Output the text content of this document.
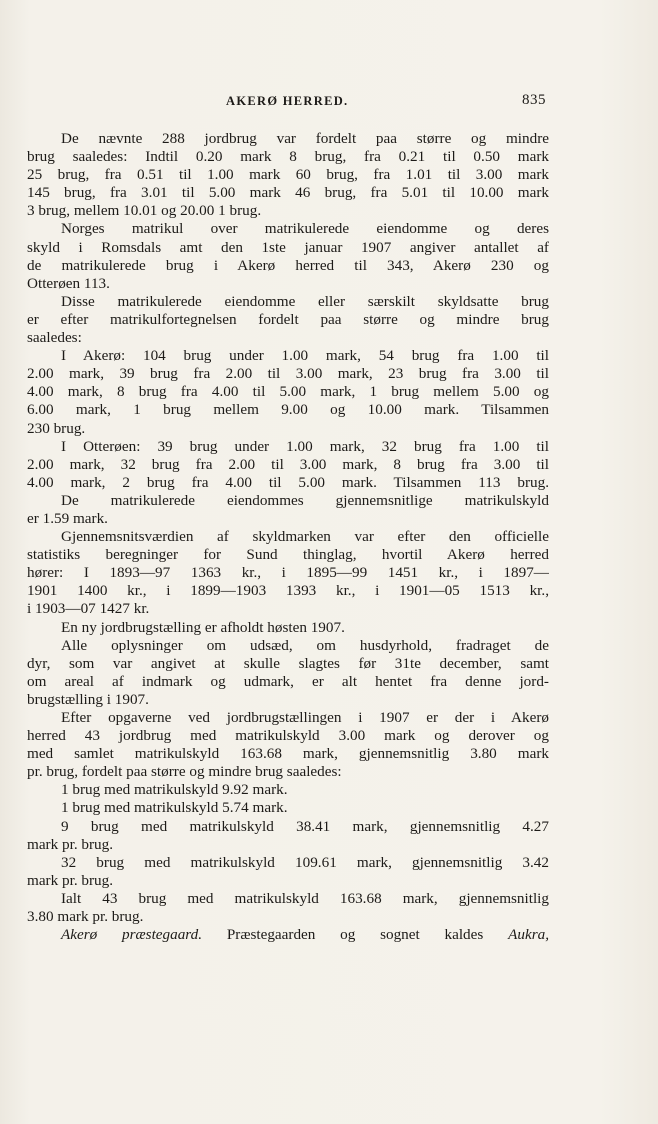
AKERØ HERRED.	835
De nævnte 288 jordbrug var fordelt paa større og mindre
brug saaledes: Indtil 0.20 mark 8 brug, fra 0.21 til 0.50 mark
25 brug, fra 0.51 til 1.00 mark 60 brug, fra 1.01 til 3.00 mark
145 brug, fra 3.01 til 5.00 mark 46 brug, fra 5.01 til 10.00 mark
3 brug, mellem 10.01 og 20.00 1 brug.
Norges matrikul over matrikulerede eiendomme og deres
skyld i Romsdals amt den 1ste januar 1907 angiver antallet af
de matrikulerede brug i Akerø herred til 343, Akerø 230 og
Otterøen 113.
Disse matrikulerede eiendomme eller særskilt skyldsatte brug
er efter matrikulfortegnelsen fordelt paa større og mindre brug
saaledes:
I Akerø: 104 brug under 1.00 mark, 54 brug fra 1.00 til
2.00 mark, 39 brug fra 2.00 til 3.00 mark, 23 brug fra 3.00 til
4.00 mark, 8 brug fra 4.00 til 5.00 mark, 1 brug mellem 5.00 og
6.00 mark, 1 brug mellem 9.00 og 10.00 mark. Tilsammen
230 brug.
I Otterøen: 39 brug under 1.00 mark, 32 brug fra 1.00 til
2.00 mark, 32 brug fra 2.00 til 3.00 mark, 8 brug fra 3.00 til
4.00 mark, 2 brug fra 4.00 til 5.00 mark. Tilsammen 113 brug.
De matrikulerede eiendommes gjennemsnitlige matrikulskyld
er 1.59 mark.
Gjennemsnitsværdien af skyldmarken var efter den officielle
statistiks beregninger for Sund thinglag, hvortil Akerø herred
hører: I 1893—97 1363 kr., i 1895—99 1451 kr., i 1897—
1901 1400 kr., i 1899—1903 1393 kr., i 1901—05 1513 kr.,
i 1903—07 1427 kr.
En ny jordbrugstælling er afholdt høsten 1907.
Alle oplysninger om udsæd, om husdyrhold, fradraget de
dyr, som var angivet at skulle slagtes før 31te december, samt
om areal af indmark og udmark, er alt hentet fra denne jord-
brugstælling i 1907.
Efter opgaverne ved jordbrugstællingen i 1907 er der i Akerø
herred 43 jordbrug med matrikulskyld 3.00 mark og derover og
med samlet matrikulskyld 163.68 mark, gjennemsnitlig 3.80 mark
pr. brug, fordelt paa større og mindre brug saaledes:
1 brug med matrikulskyld 9.92 mark.
1 brug med matrikulskyld 5.74 mark.
9 brug med matrikulskyld 38.41 mark, gjennemsnitlig 4.27
mark pr. brug.
32 brug med matrikulskyld 109.61 mark, gjennemsnitlig 3.42
mark pr. brug.
Ialt 43 brug med matrikulskyld 163.68 mark, gjennemsnitlig
3.80 mark pr. brug.
Akerø præstegaard. Præstegaarden og sognet kaldes Aukra,
